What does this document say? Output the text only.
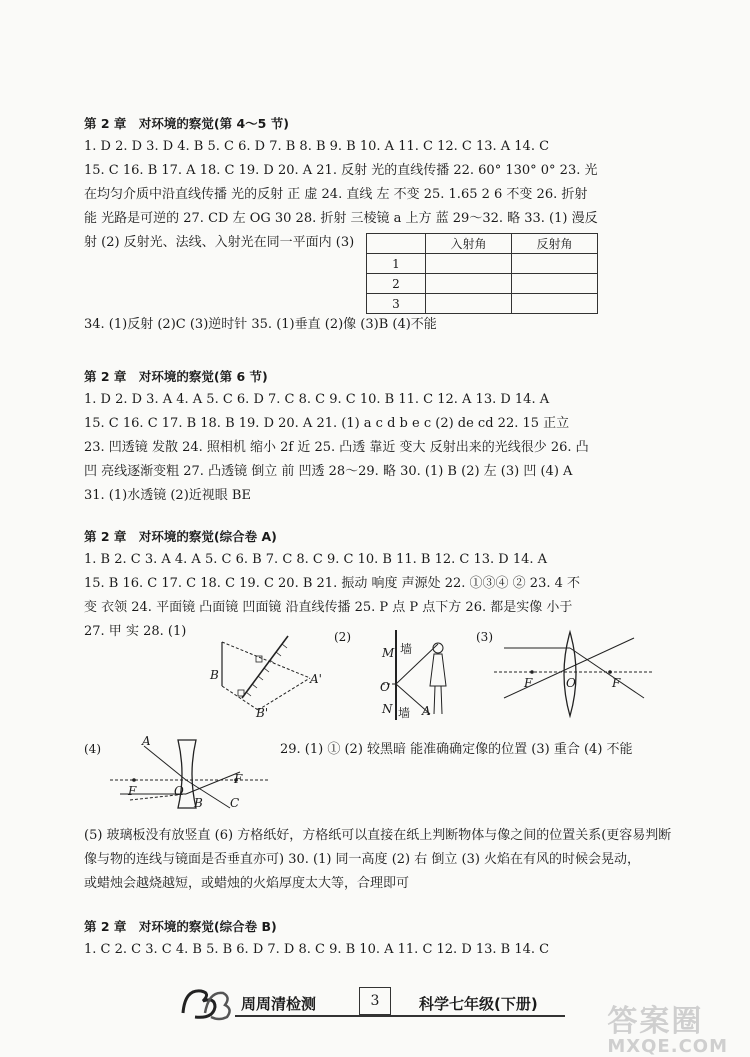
第 2 章　对环境的察觉(第 4～5 节)
1. D 2. D 3. D 4. B 5. C 6. D 7. B 8. B 9. B 10. A 11. C 12. C 13. A 14. C
15. C 16. B 17. A 18. C 19. D 20. A 21. 反射 光的直线传播 22. 60° 130° 0° 23. 光
在均匀介质中沿直线传播 光的反射 正 虚 24. 直线 左 不变 25. 1.65 2 6 不变 26. 折射
能 光路是可逆的 27. CD 左 OG 30 28. 折射 三棱镜 a 上方 蓝 29～32. 略 33. (1) 漫反
射 (2) 反射光、法线、入射光在同一平面内 (3)
		入射角	反射角
1		
2		
3		
34. (1)反射 (2)C (3)逆时针 35. (1)垂直 (2)像 (3)B (4)不能
第 2 章　对环境的察觉(第 6 节)
1. D 2. D 3. A 4. A 5. C 6. D 7. C 8. C 9. C 10. B 11. C 12. A 13. D 14. A
15. C 16. C 17. B 18. B 19. D 20. A 21. (1) a c d b e c (2) de cd 22. 15 正立
23. 凹透镜 发散 24. 照相机 缩小 2f 近 25. 凸透 靠近 变大 反射出来的光线很少 26. 凸
凹 亮线逐渐变粗 27. 凸透镜 倒立 前 凹透 28～29. 略 30. (1) B (2) 左 (3) 凹 (4) A
31. (1)水透镜 (2)近视眼 BE
第 2 章　对环境的察觉(综合卷 A)
1. B 2. C 3. A 4. A 5. C 6. B 7. C 8. C 9. C 10. B 11. B 12. C 13. D 14. A
15. B 16. C 17. C 18. C 19. C 20. B 21. 振动 响度 声源处 22. ①③④ ② 23. 4 不
变 衣领 24. 平面镜 凸面镜 凹面镜 沿直线传播 25. P 点 P 点下方 26. 都是实像 小于
27. 甲 实 28. (1)
B	A'
B'
(2)
M 墙
O
N 墙 A
(3)
F	O	F
(4)
A
F	O
B C
F
29. (1) ① (2) 较黑暗 能准确确定像的位置 (3) 重合 (4) 不能
(5) 玻璃板没有放竖直 (6) 方格纸好，方格纸可以直接在纸上判断物体与像之间的位置关系(更容易判断
像与物的连线与镜面是否垂直亦可) 30. (1) 同一高度 (2) 右 倒立 (3) 火焰在有风的时候会晃动，
或蜡烛会越烧越短，或蜡烛的火焰厚度太大等，合理即可
第 2 章　对环境的察觉(综合卷 B)
1. C 2. C 3. C 4. B 5. B 6. D 7. D 8. C 9. B 10. A 11. C 12. D 13. B 14. C
周周清检测	3	科学七年级(下册) 答案圈
MXQE.COM
